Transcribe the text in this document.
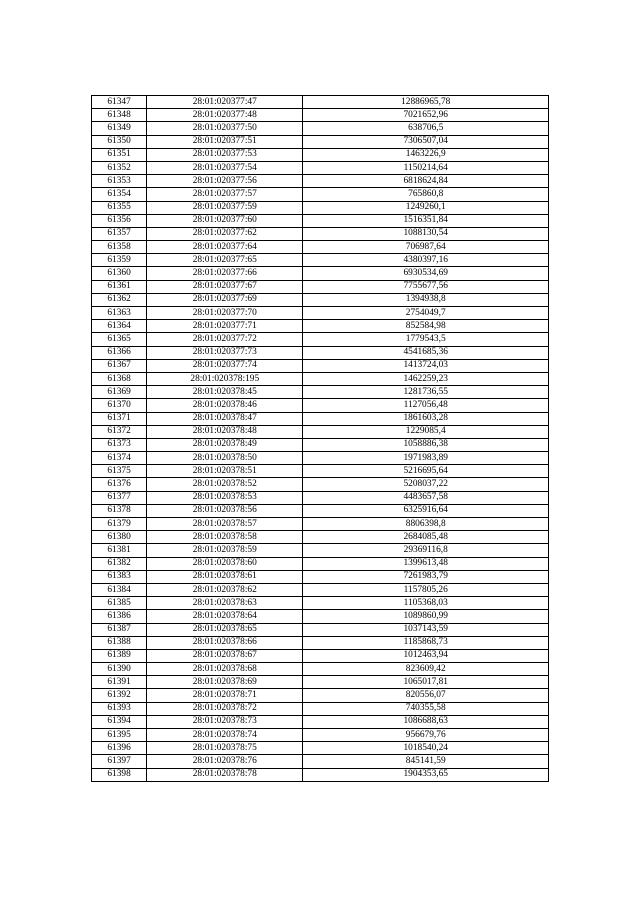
61347	28:01:020377:47	12886965,78
61348	28:01:020377:48	7021652,96
61349	28:01:020377:50	638706,5
61350	28:01:020377:51	7306507,04
61351	28:01:020377:53	1463226,9
61352	28:01:020377:54	1150214,64
61353	28:01:020377:56	6818624,84
61354	28:01:020377:57	765860,8
61355	28:01:020377:59	1249260,1
61356	28:01:020377:60	1516351,84
61357	28:01:020377:62	1088130,54
61358	28:01:020377:64	706987,64
61359	28:01:020377:65	4380397,16
61360	28:01:020377:66	6930534,69
61361	28:01:020377:67	7755677,56
61362	28:01:020377:69	1394938,8
61363	28:01:020377:70	2754049,7
61364	28:01:020377:71	852584,98
61365	28:01:020377:72	1779543,5
61366	28:01:020377:73	4541685,36
61367	28:01:020377:74	1413724,03
61368	28:01:020378:195	1462259,23
61369	28:01:020378:45	1281736,55
61370	28:01:020378:46	1127056,48
61371	28:01:020378:47	1861603,28
61372	28:01:020378:48	1229085,4
61373	28:01:020378:49	1058886,38
61374	28:01:020378:50	1971983,89
61375	28:01:020378:51	5216695,64
61376	28:01:020378:52	5208037,22
61377	28:01:020378:53	4483657,58
61378	28:01:020378:56	6325916,64
61379	28:01:020378:57	8806398,8
61380	28:01:020378:58	2684085,48
61381	28:01:020378:59	29369116,8
61382	28:01:020378:60	1399613,48
61383	28:01:020378:61	7261983,79
61384	28:01:020378:62	1157805,26
61385	28:01:020378:63	1105368,03
61386	28:01:020378:64	1089860,99
61387	28:01:020378:65	1037143,59
61388	28:01:020378:66	1185868,73
61389	28:01:020378:67	1012463,94
61390	28:01:020378:68	823609,42
61391	28:01:020378:69	1065017,81
61392	28:01:020378:71	820556,07
61393	28:01:020378:72	740355,58
61394	28:01:020378:73	1086688,63
61395	28:01:020378:74	956679,76
61396	28:01:020378:75	1018540,24
61397	28:01:020378:76	845141,59
61398	28:01:020378:78	1904353,65
